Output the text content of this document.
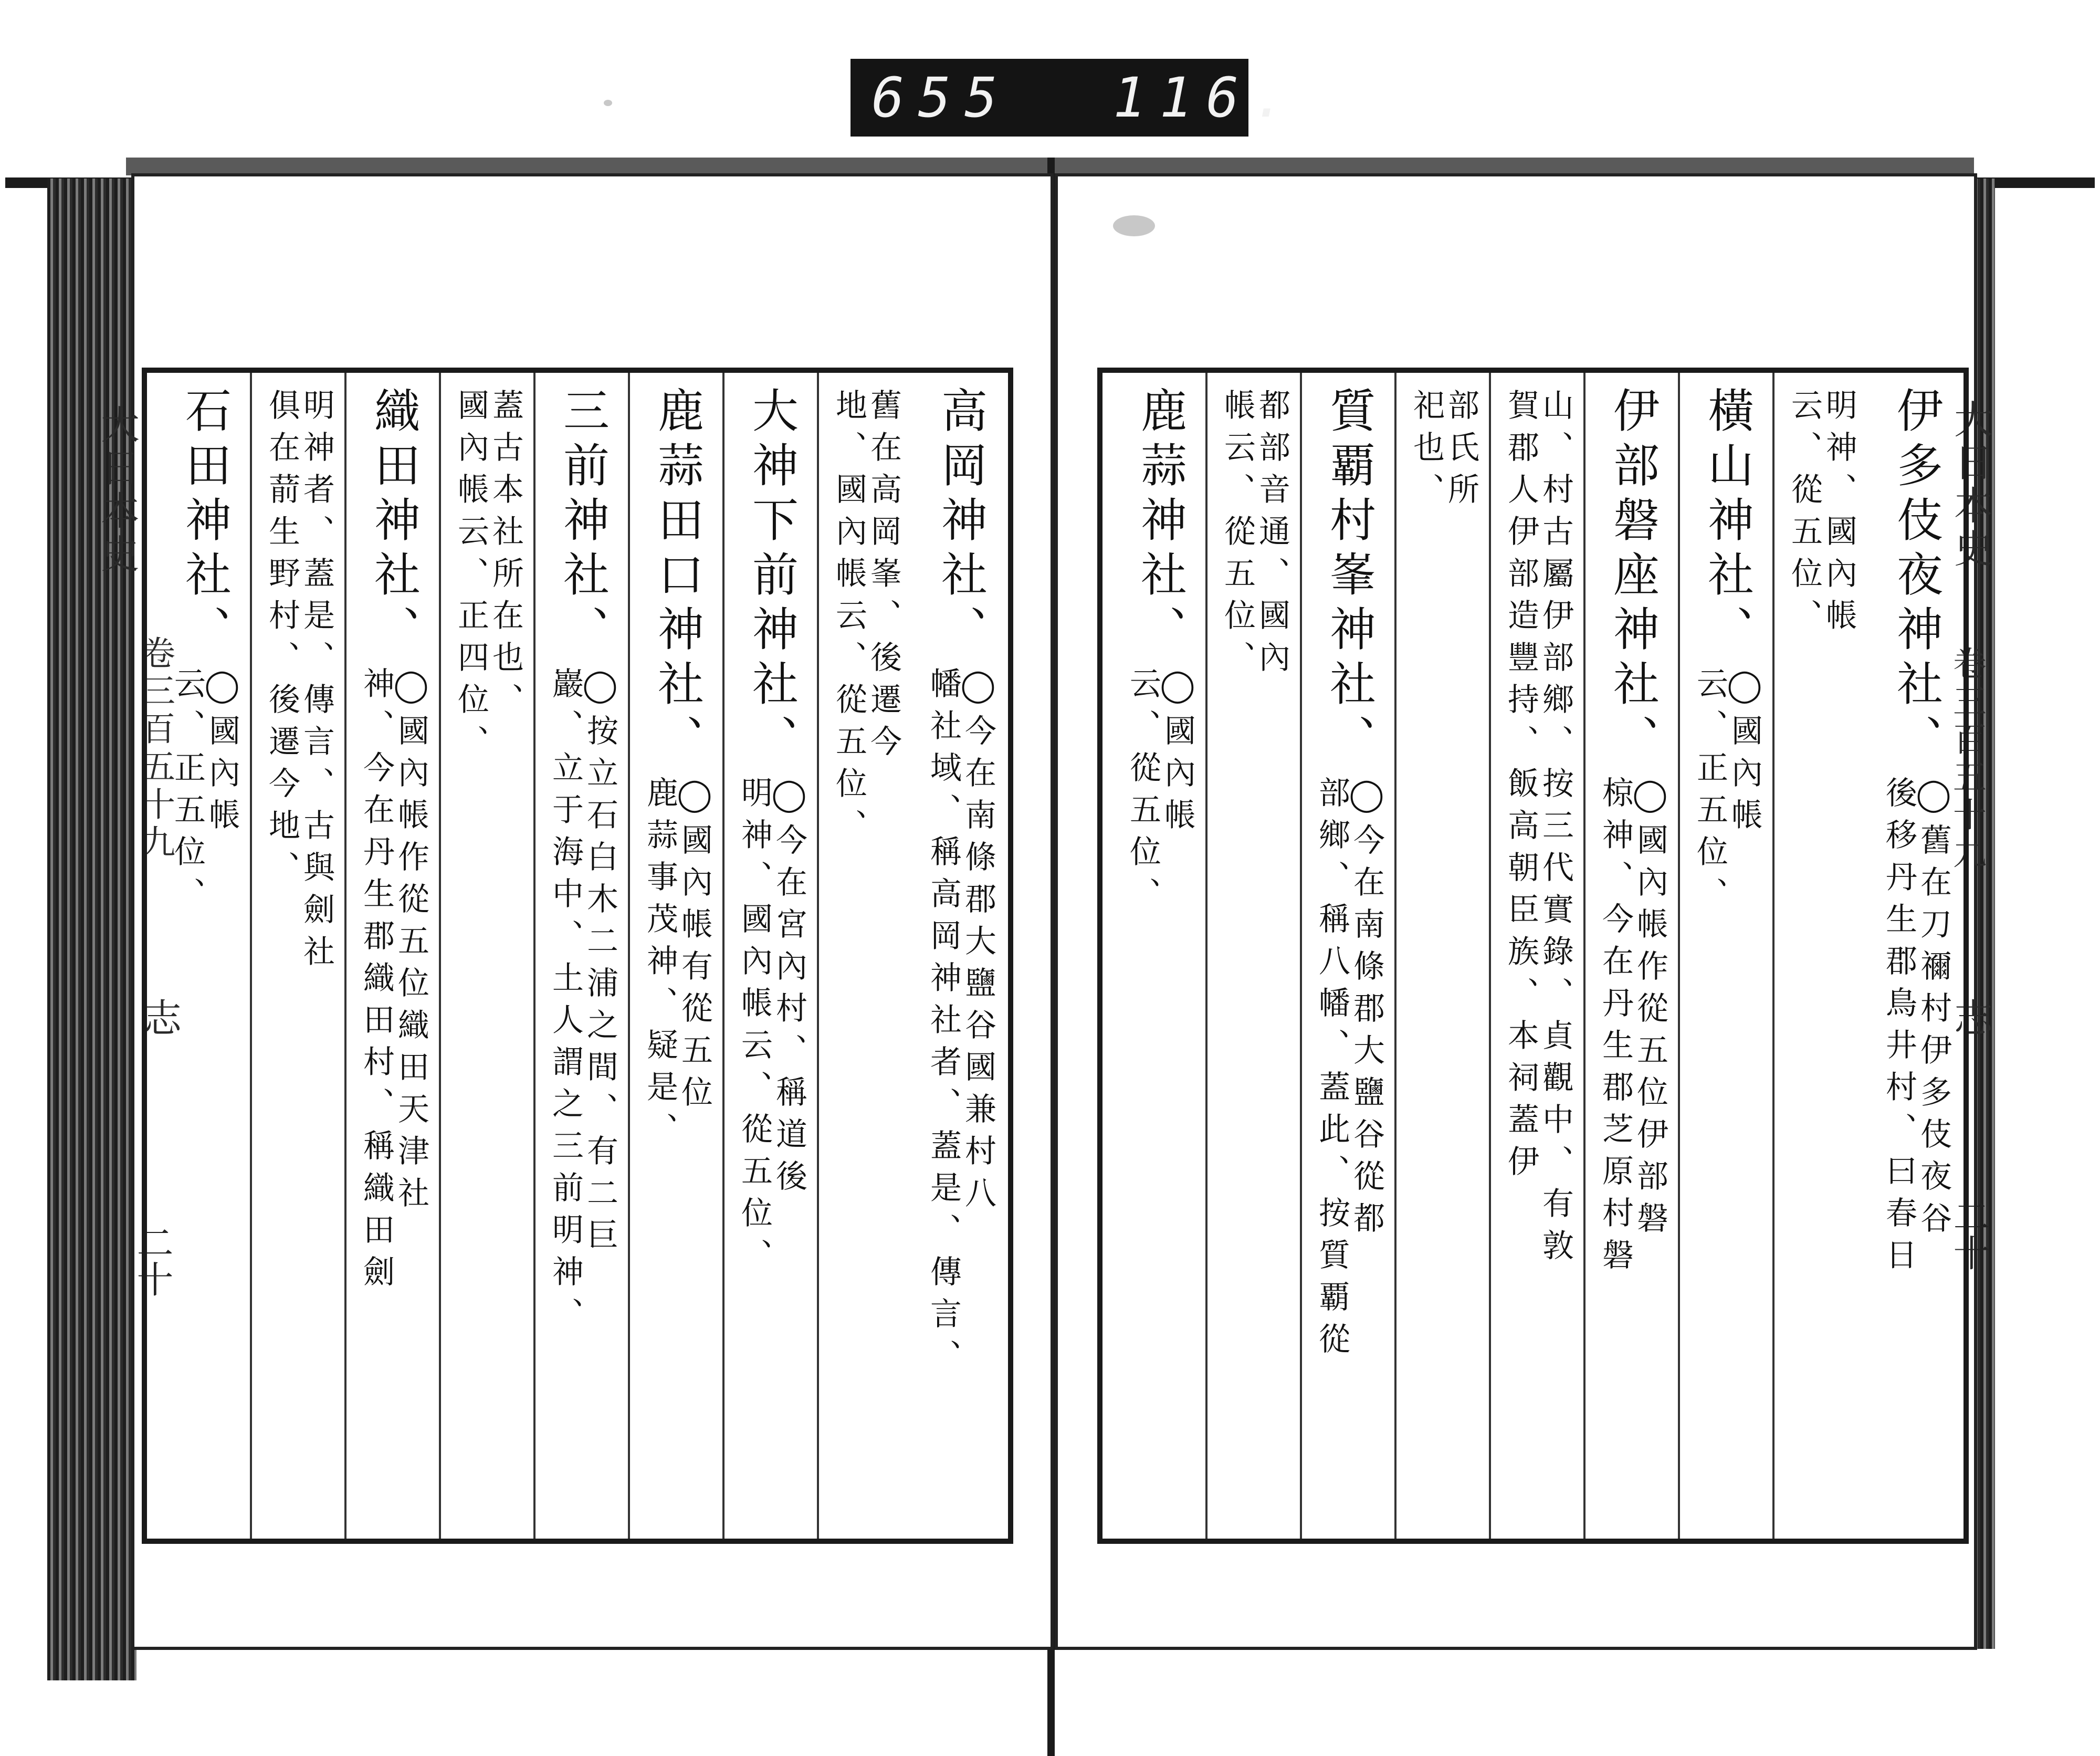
655 116.
大日本史
卷三百五十九
志
二十
高岡神社、
◯今在南條郡大鹽谷國兼村八
幡社域、稱高岡神社者、蓋是、傳言、
舊在高岡峯、後遷今
地、國內帳云、從五位、
大神下前神社、
◯今在宮內村、稱道後
明神、國內帳云、從五位、
鹿蒜田口神社、
◯國內帳有從五位
鹿蒜事茂神、疑是、
三前神社、
◯按立石白木二浦之間、有二巨
巖、立于海中、土人謂之三前明神、
蓋古本社所在也、
國內帳云、正四位、
織田神社、
◯國內帳作從五位織田天津社
神、今在丹生郡織田村、稱織田劍
明神者、蓋是、傳言、古與劍社
俱在葥生野村、後遷今地、
石田神社、
◯國內帳
云、正五位、
大日本史
卷三百五十九
志
二十
伊多伎夜神社、
◯舊在刀禰村伊多伎夜谷
後移丹生郡鳥井村、曰春日
明神、國內帳
云、從五位、
橫山神社、
◯國內帳
云、正五位、
伊部磐座神社、
◯國內帳作從五位伊部磐
椋神、今在丹生郡芝原村磐
山、村古屬伊部鄉、按三代實錄、貞觀中、有敦
賀郡人伊部造豐持、飯高朝臣族、本祠蓋伊
部氏所
祀也、
質覇村峯神社、
◯今在南條郡大鹽谷從都
部鄉、稱八幡、蓋此、按質覇從
都部音通、國內
帳云、從五位、
鹿蒜神社、
◯國內帳
云、從五位、
